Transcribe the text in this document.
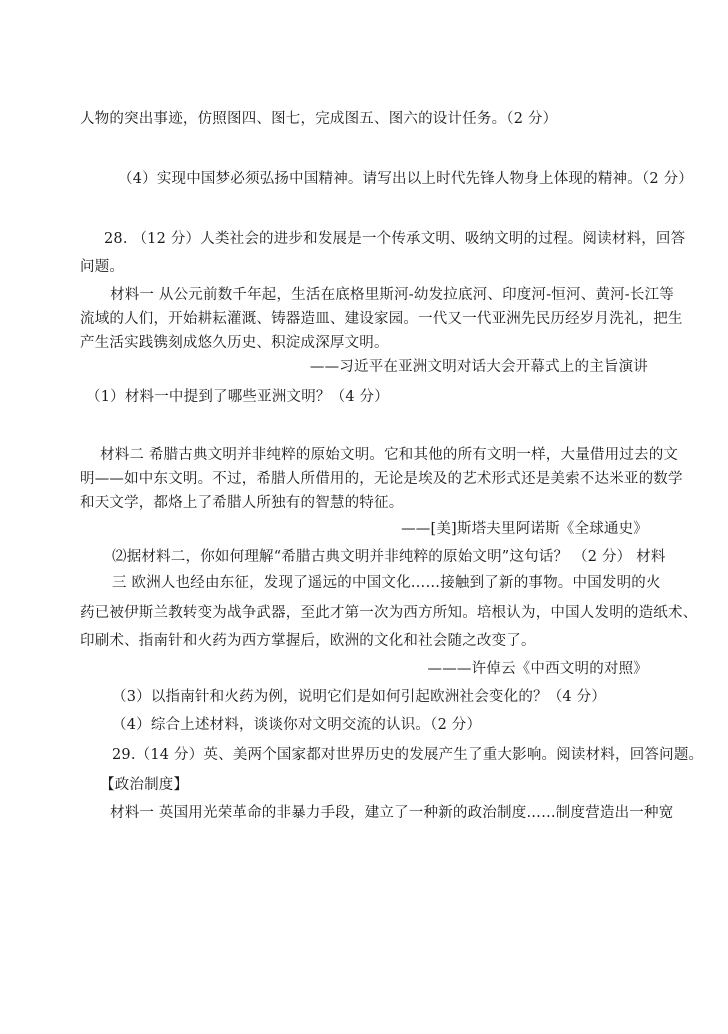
人物的突出事迹，仿照图四、图七，完成图五、图六的设计任务。（2 分）
（4）实现中国梦必须弘扬中国精神。请写出以上时代先锋人物身上体现的精神。（2 分）
28. （12 分）人类社会的进步和发展是一个传承文明、吸纳文明的过程。阅读材料，回答
问题。
材料一 从公元前数千年起，生活在底格里斯河-幼发拉底河、印度河-恒河、黄河-长江等
流域的人们，开始耕耘灌溉、铸器造皿、建设家园。一代又一代亚洲先民历经岁月洗礼，把生
产生活实践镌刻成悠久历史、积淀成深厚文明。
——习近平在亚洲文明对话大会开幕式上的主旨演讲
（1）材料一中提到了哪些亚洲文明？（4 分）
材料二 希腊古典文明并非纯粹的原始文明。它和其他的所有文明一样，大量借用过去的文
明——如中东文明。不过，希腊人所借用的，无论是埃及的艺术形式还是美索不达米亚的数学
和天文学，都烙上了希腊人所独有的智慧的特征。
——[美]斯塔夫里阿诺斯《全球通史》
⑵据材料二，你如何理解“希腊古典文明并非纯粹的原始文明”这句话？ （2 分） 材料
三 欧洲人也经由东征，发现了遥远的中国文化……接触到了新的事物。中国发明的火
药已被伊斯兰教转变为战争武器，至此才第一次为西方所知。培根认为，中国人发明的造纸术、
印刷术、指南针和火药为西方掌握后，欧洲的文化和社会随之改变了。
———许倬云《中西文明的对照》
（3）以指南针和火药为例，说明它们是如何引起欧洲社会变化的？（4 分）
（4）综合上述材料，谈谈你对文明交流的认识。（2 分）
29.（14 分）英、美两个国家都对世界历史的发展产生了重大影响。阅读材料，回答问题。
【政治制度】
材料一 英国用光荣革命的非暴力手段，建立了一种新的政治制度……制度营造出一种宽
